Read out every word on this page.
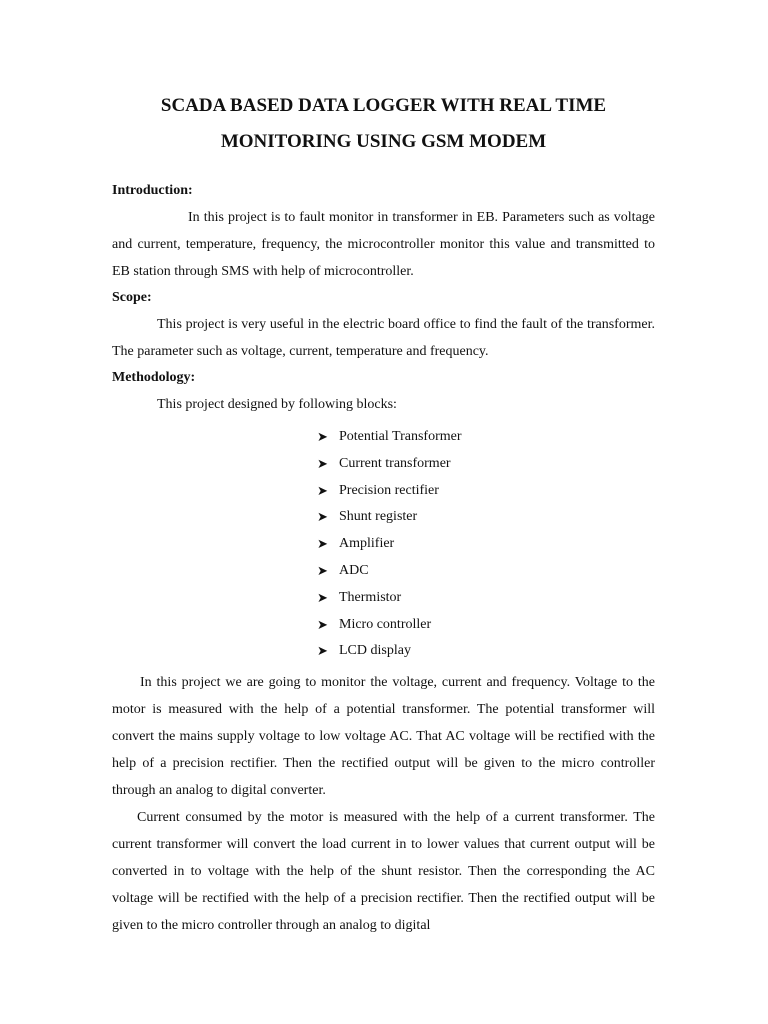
SCADA BASED DATA LOGGER WITH REAL TIME

MONITORING USING GSM MODEM

Introduction:

In this project is to fault monitor in transformer in EB. Parameters such as voltage and current, temperature, frequency, the microcontroller monitor this value and transmitted to EB station through SMS with help of microcontroller.

Scope:

This project is very useful in the electric board office to find the fault of the transformer. The parameter such as voltage, current, temperature and frequency.

Methodology:

This project designed by following blocks:

➤ Potential Transformer
➤ Current transformer
➤ Precision rectifier
➤ Shunt register
➤ Amplifier
➤ ADC
➤ Thermistor
➤ Micro controller
➤ LCD display

In this project we are going to monitor the voltage, current and frequency. Voltage to the motor is measured with the help of a potential transformer. The potential transformer will convert the mains supply voltage to low voltage AC. That AC voltage will be rectified with the help of a precision rectifier. Then the rectified output will be given to the micro controller through an analog to digital converter.

Current consumed by the motor is measured with the help of a current transformer. The current transformer will convert the load current in to lower values that current output will be converted in to voltage with the help of the shunt resistor. Then the corresponding the AC voltage will be rectified with the help of a precision rectifier. Then the rectified output will be given to the micro controller through an analog to digital
